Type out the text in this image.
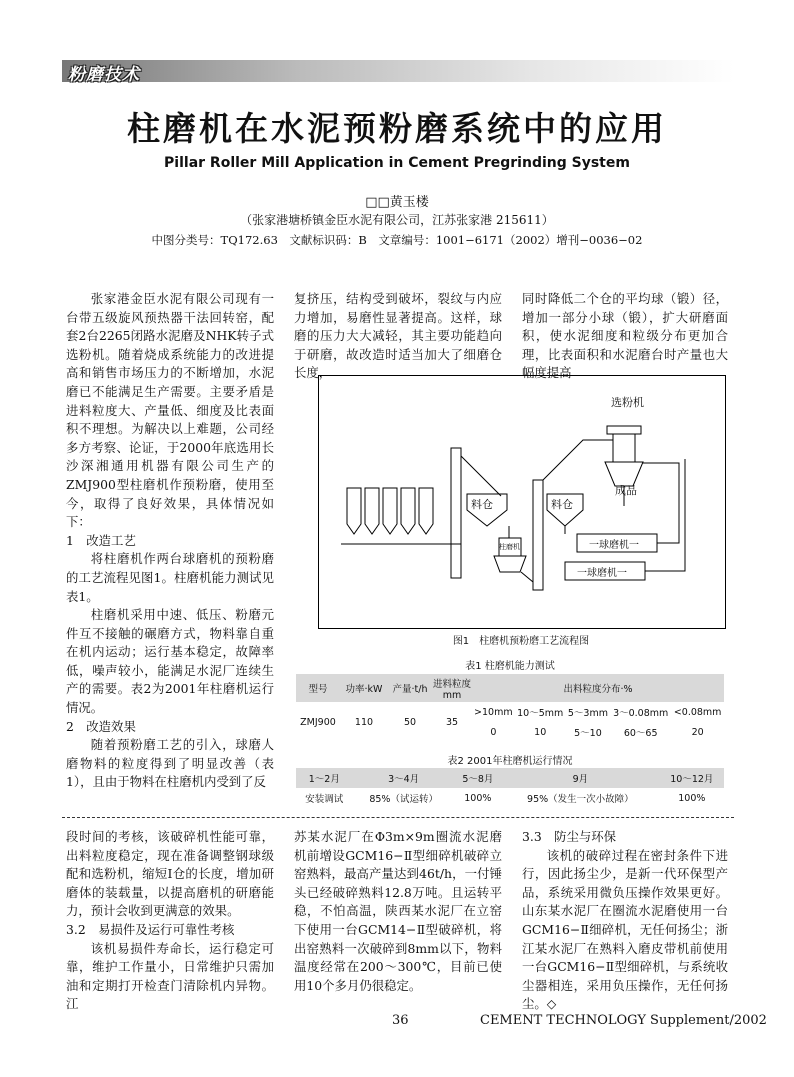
粉磨技术
柱磨机在水泥预粉磨系统中的应用
Pillar Roller Mill Application in Cement Pregrinding System
□□黄玉楼
（张家港塘桥镇金臣水泥有限公司，江苏张家港 215611）
中图分类号：TQ172.63　文献标识码：B　文章编号：1001−6171（2002）增刊−0036−02

张家港金臣水泥有限公司现有一台带五级旋风预热器干法回转窑，配套2台2265闭路水泥磨及NHK转子式选粉机。随着烧成系统能力的改进提高和销售市场压力的不断增加，水泥磨已不能满足生产需要。主要矛盾是进料粒度大、产量低、细度及比表面积不理想。为解决以上难题，公司经多方考察、论证，于2000年底选用长沙深湘通用机器有限公司生产的ZMJ900型柱磨机作预粉磨，使用至今，取得了良好效果，具体情况如下：

1　改造工艺

将柱磨机作两台球磨机的预粉磨的工艺流程见图1。柱磨机能力测试见表1。

柱磨机采用中速、低压、粉磨元件互不接触的碾磨方式，物料靠自重在机内运动；运行基本稳定，故障率低，噪声较小，能满足水泥厂连续生产的需要。表2为2001年柱磨机运行情况。

2　改造效果

随着预粉磨工艺的引入，球磨人磨物料的粒度得到了明显改善（表1），且由于物料在柱磨机内受到了反

复挤压，结构受到破坏，裂纹与内应力增加，易磨性显著提高。这样，球磨的压力大大减轻，其主要功能趋向于研磨，故改造时适当加大了细磨仓长度，

同时降低二个仓的平均球（锻）径，增加一部分小球（锻），扩大研磨面积，使水泥细度和粒级分布更加合理，比表面积和水泥磨台时产量也大幅度提高

选粉机
成品
料仓	料仓
柱磨机	一球磨机一
一球磨机一
图1　柱磨机预粉磨工艺流程图
表1 柱磨机能力测试
型号	功率·kW	产量·t/h	进料粒度 mm	出料粒度分布·%				
ZMJ900	110	50	35	>10mm	10～5mm	5～3mm	3～0.08mm	<0.08mm
				0	10	5～10	60～65	20
表2 2001年柱磨机运行情况
1～2月	3～4月	5～8月	9月	10～12月
安装调试	85%（试运转）	100%	95%（发生一次小故障）	100%

段时间的考核，该破碎机性能可靠，出料粒度稳定，现在准备调整钢球级配和选粉机，缩短Ⅰ仓的长度，增加研磨体的装载量，以提高磨机的研磨能力，预计会收到更满意的效果。

3.2　易损件及运行可靠性考核

该机易损件寿命长，运行稳定可靠，维护工作量小，日常维护只需加油和定期打开检查门清除机内异物。江

苏某水泥厂在Φ3m×9m圈流水泥磨机前增设GCM16−Ⅱ型细碎机破碎立窑熟料，最高产量达到46t/h，一付锤头已经破碎熟料12.8万吨。且运转平稳，不怕高温，陕西某水泥厂在立窑下使用一台GCM14−Ⅱ型破碎机，将出窑熟料一次破碎到8mm以下，物料温度经常在200～300℃，目前已使用10个多月仍很稳定。

3.3　防尘与环保

该机的破碎过程在密封条件下进行，因此扬尘少，是新一代环保型产品，系统采用微负压操作效果更好。山东某水泥厂在圈流水泥磨使用一台GCM16−Ⅱ细碎机，无任何扬尘；浙江某水泥厂在熟料入磨皮带机前使用一台GCM16−Ⅱ型细碎机，与系统收尘器相连，采用负压操作，无任何扬尘。◇

36	CEMENT TECHNOLOGY Supplement/2002
